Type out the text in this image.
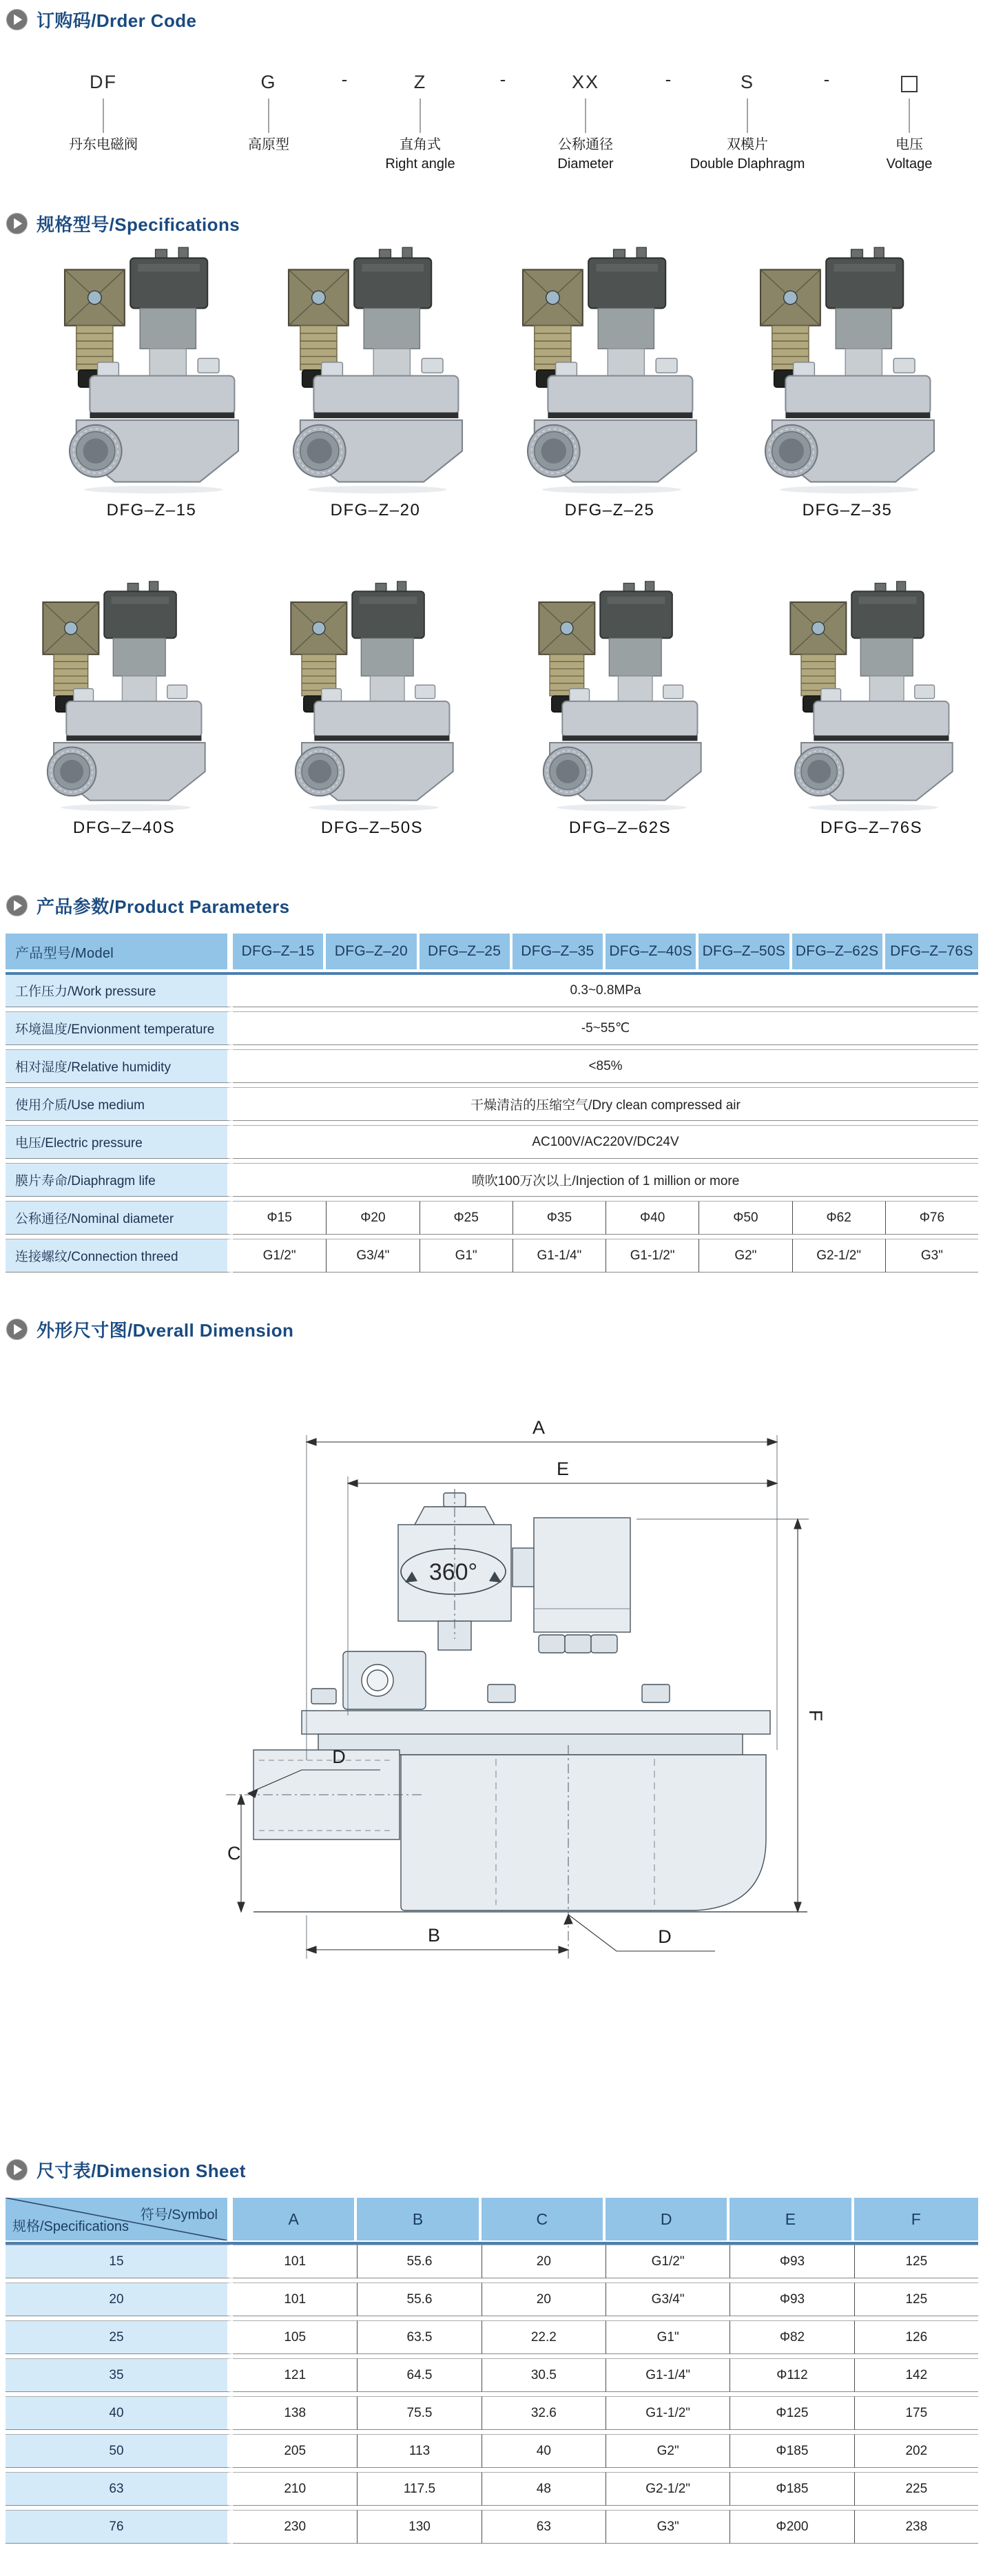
订购码/Drder Code
DF
丹东电磁阀
G
高原型
Z
直角式
Right angle
XX
公称通径
Diameter
S
双模片
Double Dlaphragm
电压
Voltage
-	-	-	-
规格型号/Specifications
DFG–Z–15	DFG–Z–20	DFG–Z–25	DFG–Z–35
DFG–Z–40S	DFG–Z–50S	DFG–Z–62S	DFG–Z–76S
产品参数/Product Parameters
产品型号/Model	DFG–Z–15	DFG–Z–20	DFG–Z–25	DFG–Z–35	DFG–Z–40S	DFG–Z–50S	DFG–Z–62S	DFG–Z–76S
工作压力/Work pressure	0.3~0.8MPa							
环境温度/Envionment temperature	-5~55℃							
相对湿度/Relative humidity	<85%							
使用介质/Use medium	干燥清洁的压缩空气/Dry clean compressed air							
电压/Electric pressure	AC100V/AC220V/DC24V							
膜片寿命/Diaphragm life	喷吹100万次以上/Injection of 1 million or more							
公称通径/Nominal diameter	Φ15	Φ20	Φ25	Φ35	Φ40	Φ50	Φ62	Φ76
连接螺纹/Connection threed	G1/2"	G3/4"	G1"	G1-1/4"	G1-1/2"	G2"	G2-1/2"	G3"
外形尺寸图/Dverall Dimension
360°
A
E
F
B
C
D
D
尺寸表/Dimension Sheet
符号/Symbol
规格/Specifications	A	B	C	D	E	F
15	101	55.6	20	G1/2"	Φ93	125
20	101	55.6	20	G3/4"	Φ93	125
25	105	63.5	22.2	G1"	Φ82	126
35	121	64.5	30.5	G1-1/4"	Φ112	142
40	138	75.5	32.6	G1-1/2"	Φ125	175
50	205	113	40	G2"	Φ185	202
63	210	117.5	48	G2-1/2"	Φ185	225
76	230	130	63	G3"	Φ200	238
